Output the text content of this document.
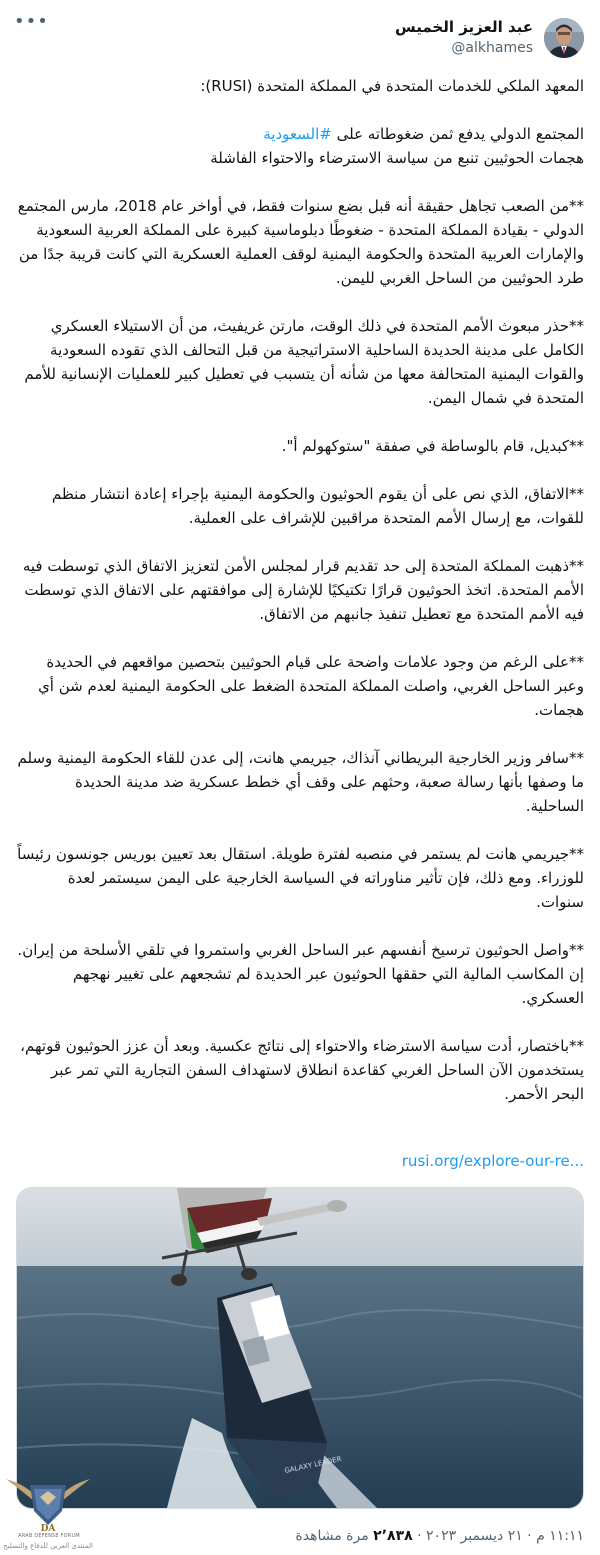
•••	عبد العزيز الخميس
@alkhames

المعهد الملكي للخدمات المتحدة في المملكة المتحدة (RUSI):

المجتمع الدولي يدفع ثمن ضغوطاته على #السعودية

هجمات الحوثيين تنبع من سياسة الاسترضاء والاحتواء الفاشلة

**من الصعب تجاهل حقيقة أنه قبل بضع سنوات فقط، في أواخر عام 2018، مارس المجتمع الدولي - بقيادة المملكة المتحدة - ضغوطًا دبلوماسية كبيرة على المملكة العربية السعودية والإمارات العربية المتحدة والحكومة اليمنية لوقف العملية العسكرية التي كانت قريبة جدًا من طرد الحوثيين من الساحل الغربي لليمن.

**حذر مبعوث الأمم المتحدة في ذلك الوقت، مارتن غريفيث، من أن الاستيلاء العسكري الكامل على مدينة الحديدة الساحلية الاستراتيجية من قبل التحالف الذي تقوده السعودية والقوات اليمنية المتحالفة معها من شأنه أن يتسبب في تعطيل كبير للعمليات الإنسانية للأمم المتحدة في شمال اليمن.

**كبديل، قام بالوساطة في صفقة "ستوكهولم أ".

**الاتفاق، الذي نص على أن يقوم الحوثيون والحكومة اليمنية بإجراء إعادة انتشار منظم للقوات، مع إرسال الأمم المتحدة مراقبين للإشراف على العملية.

**ذهبت المملكة المتحدة إلى حد تقديم قرار لمجلس الأمن لتعزيز الاتفاق الذي توسطت فيه الأمم المتحدة. اتخذ الحوثيون قرارًا تكتيكيًا للإشارة إلى موافقتهم على الاتفاق الذي توسطت فيه الأمم المتحدة مع تعطيل تنفيذ جانبهم من الاتفاق.

**على الرغم من وجود علامات واضحة على قيام الحوثيين بتحصين مواقعهم في الحديدة وعبر الساحل الغربي، واصلت المملكة المتحدة الضغط على الحكومة اليمنية لعدم شن أي هجمات.

**سافر وزير الخارجية البريطاني آنذاك، جيريمي هانت، إلى عدن للقاء الحكومة اليمنية وسلم ما وصفها بأنها رسالة صعبة، وحثهم على وقف أي خطط عسكرية ضد مدينة الحديدة الساحلية.

**جيريمي هانت لم يستمر في منصبه لفترة طويلة. استقال بعد تعيين بوريس جونسون رئيساً للوزراء. ومع ذلك، فإن تأثير مناوراته في السياسة الخارجية على اليمن سيستمر لعدة سنوات.

**واصل الحوثيون ترسيخ أنفسهم عبر الساحل الغربي واستمروا في تلقي الأسلحة من إيران. إن المكاسب المالية التي حققها الحوثيون عبر الحديدة لم تشجعهم على تغيير نهجهم العسكري.

**باختصار، أدت سياسة الاسترضاء والاحتواء إلى نتائج عكسية. وبعد أن عزز الحوثيون قوتهم، يستخدمون الآن الساحل الغربي كقاعدة انطلاق لاستهداف السفن التجارية التي تمر عبر البحر الأحمر.

rusi.org/explore-our-re...
GALAXY LEADER
١١:١١ م · ٢١ ديسمبر ٢٠٢٣ · ٢٬٨٣٨ مرة مشاهدة
DA
ARAB DEFENSE FORUM
المنتدى العربي للدفاع والتسليح
